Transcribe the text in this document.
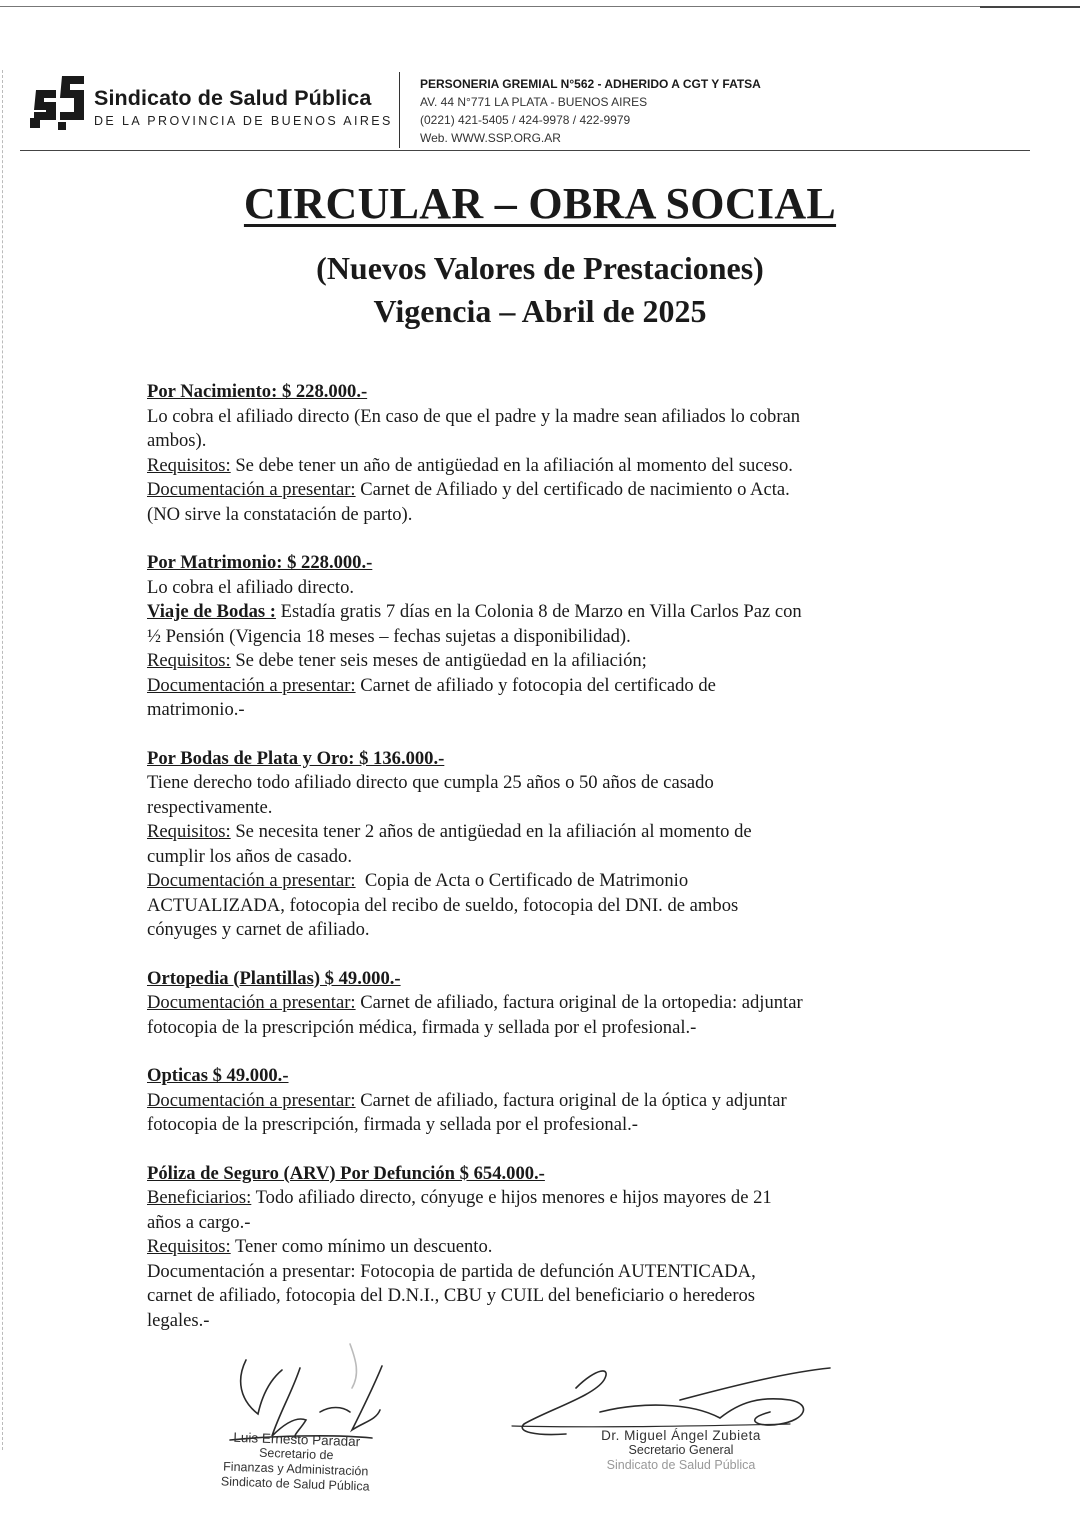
Sindicato de Salud Pública
DE LA PROVINCIA DE BUENOS AIRES
PERSONERIA GREMIAL N°562 - ADHERIDO A CGT Y FATSA
AV. 44 N°771 LA PLATA - BUENOS AIRES
(0221) 421-5405 / 424-9978 / 422-9979
Web. WWW.SSP.ORG.AR
CIRCULAR – OBRA SOCIAL
(Nuevos Valores de Prestaciones)
Vigencia – Abril de 2025
Por Nacimiento: $ 228.000.-
Lo cobra el afiliado directo (En caso de que el padre y la madre sean afiliados lo cobran
ambos).
Requisitos: Se debe tener un año de antigüedad en la afiliación al momento del suceso.
Documentación a presentar: Carnet de Afiliado y del certificado de nacimiento o Acta.
(NO sirve la constatación de parto).
Por Matrimonio: $ 228.000.-
Lo cobra el afiliado directo.
Viaje de Bodas : Estadía gratis 7 días en la Colonia 8 de Marzo en Villa Carlos Paz con
½ Pensión (Vigencia 18 meses – fechas sujetas a disponibilidad).
Requisitos: Se debe tener seis meses de antigüedad en la afiliación;
Documentación a presentar: Carnet de afiliado y fotocopia del certificado de
matrimonio.-
Por Bodas de Plata y Oro: $ 136.000.-
Tiene derecho todo afiliado directo que cumpla 25 años o 50 años de casado
respectivamente.
Requisitos: Se necesita tener 2 años de antigüedad en la afiliación al momento de
cumplir los años de casado.
Documentación a presentar:  Copia de Acta o Certificado de Matrimonio
ACTUALIZADA, fotocopia del recibo de sueldo, fotocopia del DNI. de ambos
cónyuges y carnet de afiliado.
Ortopedia (Plantillas) $ 49.000.-
Documentación a presentar: Carnet de afiliado, factura original de la ortopedia: adjuntar
fotocopia de la prescripción médica, firmada y sellada por el profesional.-
Opticas $ 49.000.-
Documentación a presentar: Carnet de afiliado, factura original de la óptica y adjuntar
fotocopia de la prescripción, firmada y sellada por el profesional.-
Póliza de Seguro (ARV) Por Defunción $ 654.000.-
Beneficiarios: Todo afiliado directo, cónyuge e hijos menores e hijos mayores de 21
años a cargo.-
Requisitos: Tener como mínimo un descuento.
Documentación a presentar: Fotocopia de partida de defunción AUTENTICADA,
carnet de afiliado, fotocopia del D.N.I., CBU y CUIL del beneficiario o herederos
legales.-
Luis Ernesto Paradar
Secretario de
Finanzas y Administración
Sindicato de Salud Pública
Dr. Miguel Ángel Zubieta
Secretario General
Sindicato de Salud Pública
